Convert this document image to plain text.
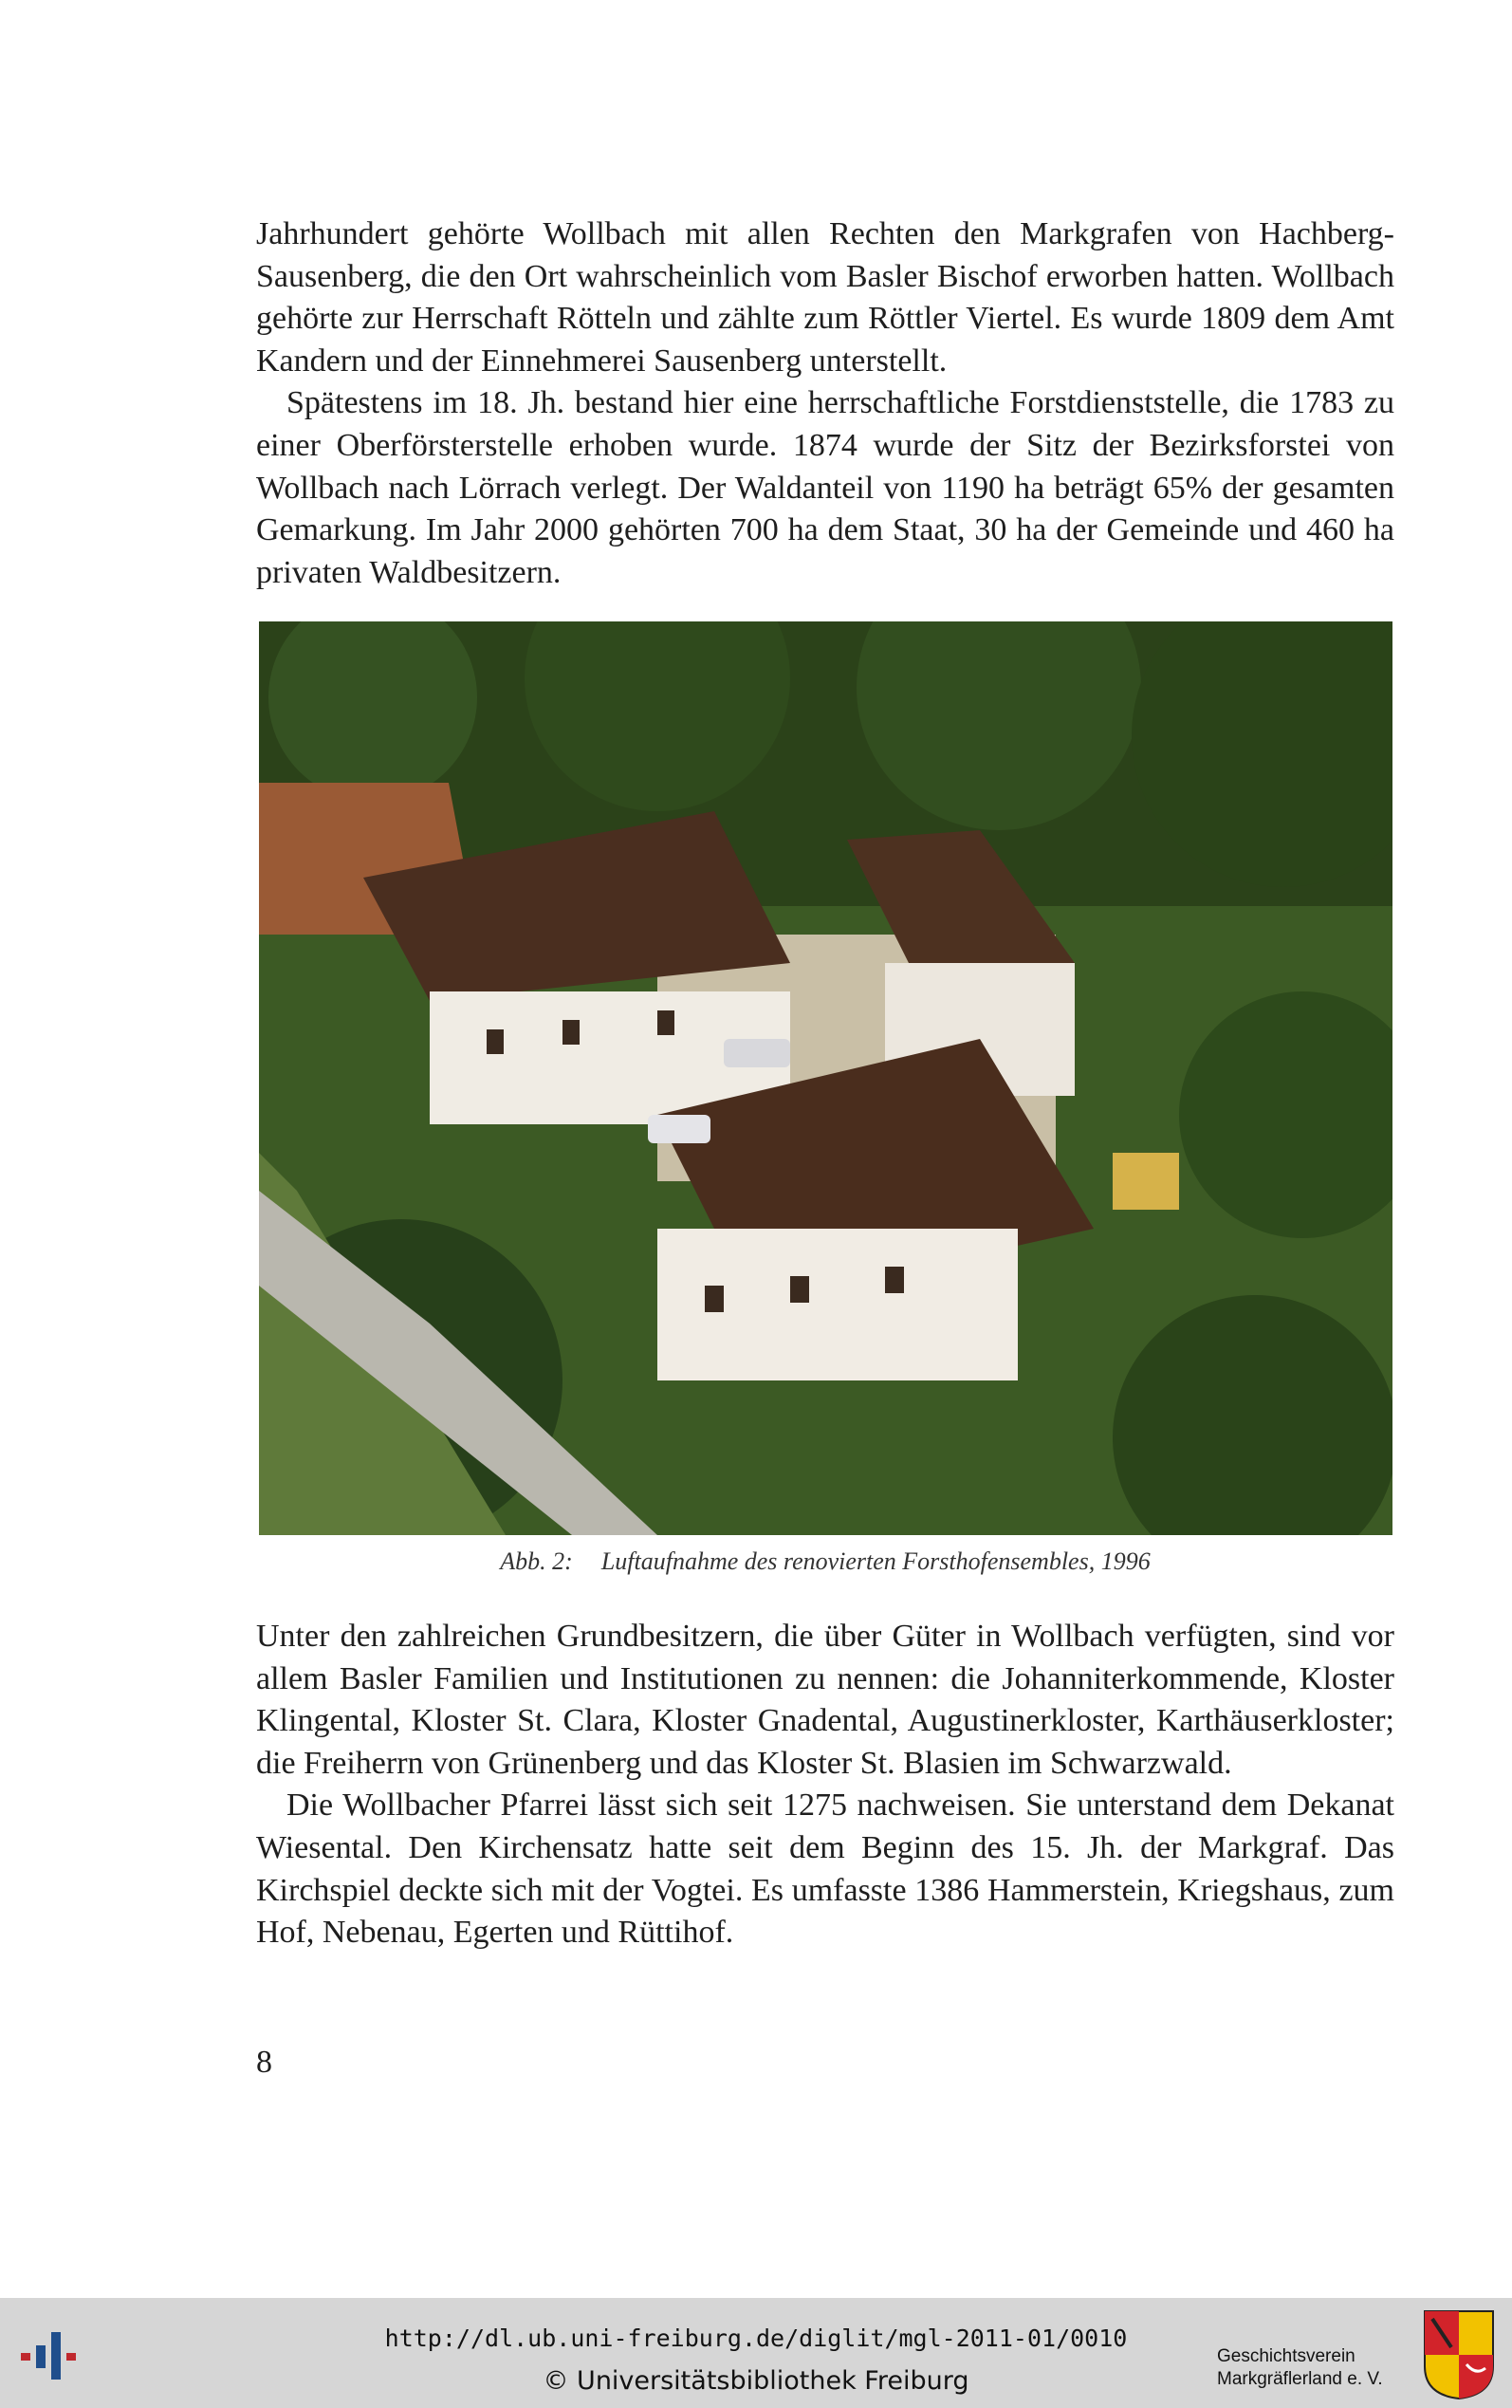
Jahrhundert gehörte Wollbach mit allen Rechten den Markgrafen von Hachberg-Sausenberg, die den Ort wahrscheinlich vom Basler Bischof erworben hatten. Wollbach gehörte zur Herrschaft Rötteln und zählte zum Röttler Viertel. Es wurde 1809 dem Amt Kandern und der Einnehmerei Sausenberg unterstellt.

Spätestens im 18. Jh. bestand hier eine herrschaftliche Forstdienststelle, die 1783 zu einer Oberförsterstelle erhoben wurde. 1874 wurde der Sitz der Bezirksforstei von Wollbach nach Lörrach verlegt. Der Waldanteil von 1190 ha beträgt 65% der gesamten Gemarkung. Im Jahr 2000 gehörten 700 ha dem Staat, 30 ha der Gemeinde und 460 ha privaten Waldbesitzern.

Abb. 2: Luftaufnahme des renovierten Forsthofensembles, 1996

Unter den zahlreichen Grundbesitzern, die über Güter in Wollbach verfügten, sind vor allem Basler Familien und Institutionen zu nennen: die Johanniterkommende, Kloster Klingental, Kloster St. Clara, Kloster Gnadental, Augustinerkloster, Karthäuserkloster; die Freiherrn von Grünenberg und das Kloster St. Blasien im Schwarzwald.

Die Wollbacher Pfarrei lässt sich seit 1275 nachweisen. Sie unterstand dem Dekanat Wiesental. Den Kirchensatz hatte seit dem Beginn des 15. Jh. der Markgraf. Das Kirchspiel deckte sich mit der Vogtei. Es umfasste 1386 Hammerstein, Kriegshaus, zum Hof, Nebenau, Egerten und Rüttihof.

8
http://dl.ub.uni-freiburg.de/diglit/mgl-2011-01/0010
© Universitätsbibliothek Freiburg
Geschichtsverein
Markgräflerland e. V.
